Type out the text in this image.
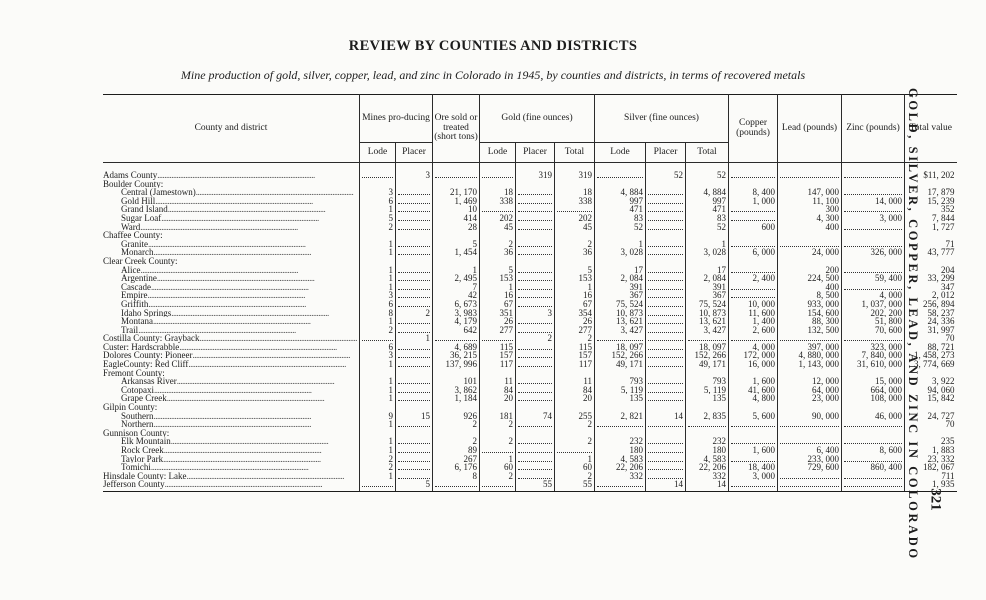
REVIEW BY COUNTIES AND DISTRICTS
Mine production of gold, silver, copper, lead, and zinc in Colorado in 1945, by counties and districts, in terms of recovered metals
GOLD, SILVER, COPPER, LEAD, AND ZINC IN COLORADO 321
County and district	Mines pro-ducing		Ore sold or treated (short tons)	Gold (fine ounces)			Silver (fine ounces)			Copper (pounds)	Lead (pounds)	Zinc (pounds)	Total value
	Lode	Placer		Lode	Placer	Total	Lode	Placer	Total				

Adams County..........................................................................................		3			319	319		52	52				$11, 202
Boulder County:													
Central (Jamestown)..........................................................................................	3		21, 170	18		18	4, 884		4, 884	8, 400	147, 000		17, 879
Gold Hill..........................................................................................	6		1, 469	338		338	997		997	1, 000	11, 100	14, 000	15, 239
Grand Island..........................................................................................	1		10				471		471		300		352
Sugar Loaf..........................................................................................	5		414	202		202	83		83		4, 300	3, 000	7, 844
Ward..........................................................................................	2		28	45		45	52		52	600	400		1, 727
Chaffee County:													
Granite..........................................................................................	1		5	2		2	1		1				71
Monarch..........................................................................................	1		1, 454	36		36	3, 028		3, 028	6, 000	24, 000	326, 000	43, 777
Clear Creek County:													
Alice..........................................................................................	1		1	5		5	17		17		200		204
Argentine..........................................................................................	1		2, 495	153		153	2, 084		2, 084	2, 400	224, 500	59, 400	33, 299
Cascade..........................................................................................	1		7	1		1	391		391		400		347
Empire..........................................................................................	3		42	16		16	367		367		8, 500	4, 000	2, 012
Griffith..........................................................................................	6		6, 673	67		67	75, 524		75, 524	10, 000	933, 000	1, 037, 000	256, 894
Idaho Springs..........................................................................................	8	2	3, 983	351	3	354	10, 873		10, 873	11, 600	154, 600	202, 200	58, 237
Montana..........................................................................................	1		4, 179	26		26	13, 621		13, 621	1, 400	88, 300	51, 800	24, 336
Trail..........................................................................................	2		642	277		277	3, 427		3, 427	2, 600	132, 500	70, 600	31, 997
Costilla County: Grayback..........................................................................................		1			2	2							70
Custer: Hardscrabble..........................................................................................	6		4, 689	115		115	18, 097		18, 097	4, 000	397, 000	323, 000	88, 721
Dolores County: Pioneer..........................................................................................	3		36, 215	157		157	152, 266		152, 266	172, 000	4, 880, 000	7, 840, 000	1, 458, 273
EagleCounty: Red Cliff..........................................................................................	1		137, 996	117		117	49, 171		49, 171	16, 000	1, 143, 000	31, 610, 000	3, 774, 669
Fremont County:													
Arkansas River..........................................................................................	1		101	11		11	793		793	1, 600	12, 000	15, 000	3, 922
Cotopaxi..........................................................................................	1		3, 862	84		84	5, 119		5, 119	41, 600	64, 000	664, 000	94, 060
Grape Creek..........................................................................................	1		1, 184	20		20	135		135	4, 800	23, 000	108, 000	15, 842
Gilpin County:													
Southern..........................................................................................	9	15	926	181	74	255	2, 821	14	2, 835	5, 600	90, 000	46, 000	24, 727
Northern..........................................................................................	1		2	2		2							70
Gunnison County:													
Elk Mountain..........................................................................................	1		2	2		2	232		232				235
Rock Creek..........................................................................................	1		89				180		180	1, 600	6, 400	8, 600	1, 883
Taylor Park..........................................................................................	2		267	1		1	4, 583		4, 583		233, 000		23, 332
Tomichi..........................................................................................	2		6, 176	60		60	22, 206		22, 206	18, 400	729, 600	860, 400	182, 067
Hinsdale County: Lake..........................................................................................	1		8	2		2	332		332	3, 000			711
Jefferson County..........................................................................................		5			55	55		14	14				1, 935
